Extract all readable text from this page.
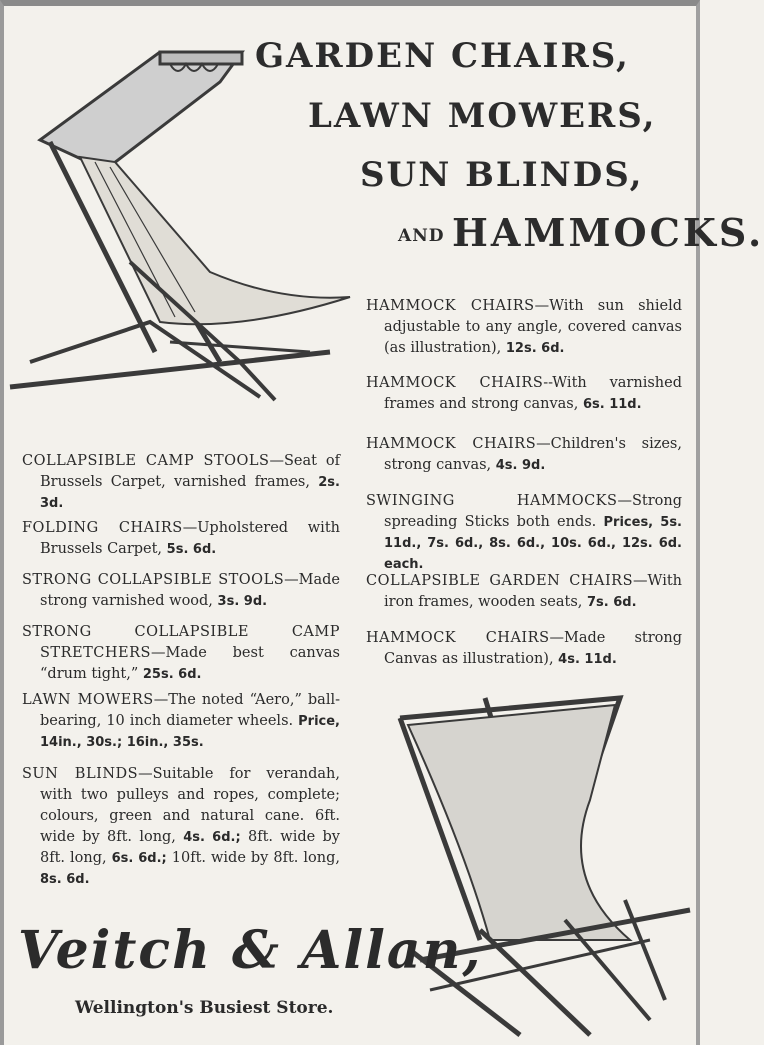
GARDEN CHAIRS,
LAWN MOWERS,
SUN BLINDS,
AND HAMMOCKS.
HAMMOCK CHAIRS—With sun shield adjustable to any angle, covered canvas (as illustration), 12s. 6d.
HAMMOCK CHAIRS--With varnished frames and strong canvas, 6s. 11d.
HAMMOCK CHAIRS—Children's sizes, strong canvas, 4s. 9d.
SWINGING HAMMOCKS—Strong spreading Sticks both ends. Prices, 5s. 11d., 7s. 6d., 8s. 6d., 10s. 6d., 12s. 6d. each.
COLLAPSIBLE GARDEN CHAIRS—With iron frames, wooden seats, 7s. 6d.
HAMMOCK CHAIRS—Made strong Canvas as illustration), 4s. 11d.
COLLAPSIBLE CAMP STOOLS—Seat of Brussels Carpet, varnished frames, 2s. 3d.
FOLDING CHAIRS—Upholstered with Brussels Carpet, 5s. 6d.
STRONG COLLAPSIBLE STOOLS—Made strong varnished wood, 3s. 9d.
STRONG COLLAPSIBLE CAMP STRETCHERS—Made best canvas “drum tight,” 25s. 6d.
LAWN MOWERS—The noted “Aero,” ball-bearing, 10 inch diameter wheels. Price, 14in., 30s.; 16in., 35s.
SUN BLINDS—Suitable for verandah, with two pulleys and ropes, complete; colours, green and natural cane. 6ft. wide by 8ft. long, 4s. 6d.; 8ft. wide by 8ft. long, 6s. 6d.; 10ft. wide by 8ft. long, 8s. 6d.
Veitch & Allan,
Wellington's Busiest Store.
